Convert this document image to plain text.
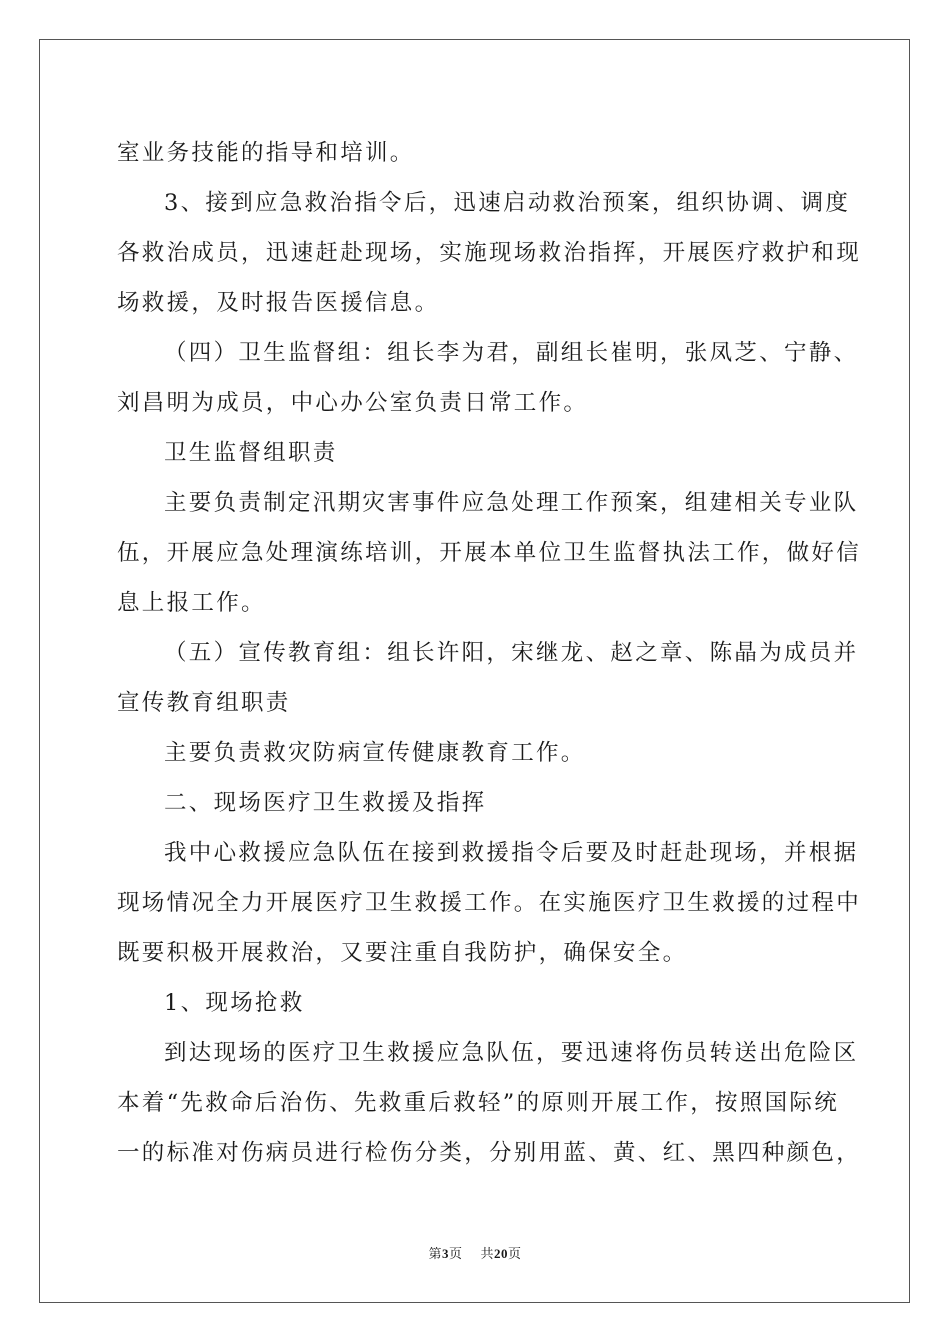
室业务技能的指导和培训。
3、接到应急救治指令后，迅速启动救治预案，组织协调、调度
各救治成员，迅速赶赴现场，实施现场救治指挥，开展医疗救护和现
场救援，及时报告医援信息。
（四）卫生监督组：组长李为君，副组长崔明，张凤芝、宁静、
刘昌明为成员，中心办公室负责日常工作。
卫生监督组职责
主要负责制定汛期灾害事件应急处理工作预案，组建相关专业队
伍，开展应急处理演练培训，开展本单位卫生监督执法工作，做好信
息上报工作。
（五）宣传教育组：组长许阳，宋继龙、赵之章、陈晶为成员并
宣传教育组职责
主要负责救灾防病宣传健康教育工作。
二、现场医疗卫生救援及指挥
我中心救援应急队伍在接到救援指令后要及时赶赴现场，并根据
现场情况全力开展医疗卫生救援工作。在实施医疗卫生救援的过程中
既要积极开展救治，又要注重自我防护，确保安全。
1、现场抢救
到达现场的医疗卫生救援应急队伍，要迅速将伤员转送出危险区
本着“先救命后治伤、先救重后救轻”的原则开展工作，按照国际统
一的标准对伤病员进行检伤分类，分别用蓝、黄、红、黑四种颜色，
第3页 共20页
